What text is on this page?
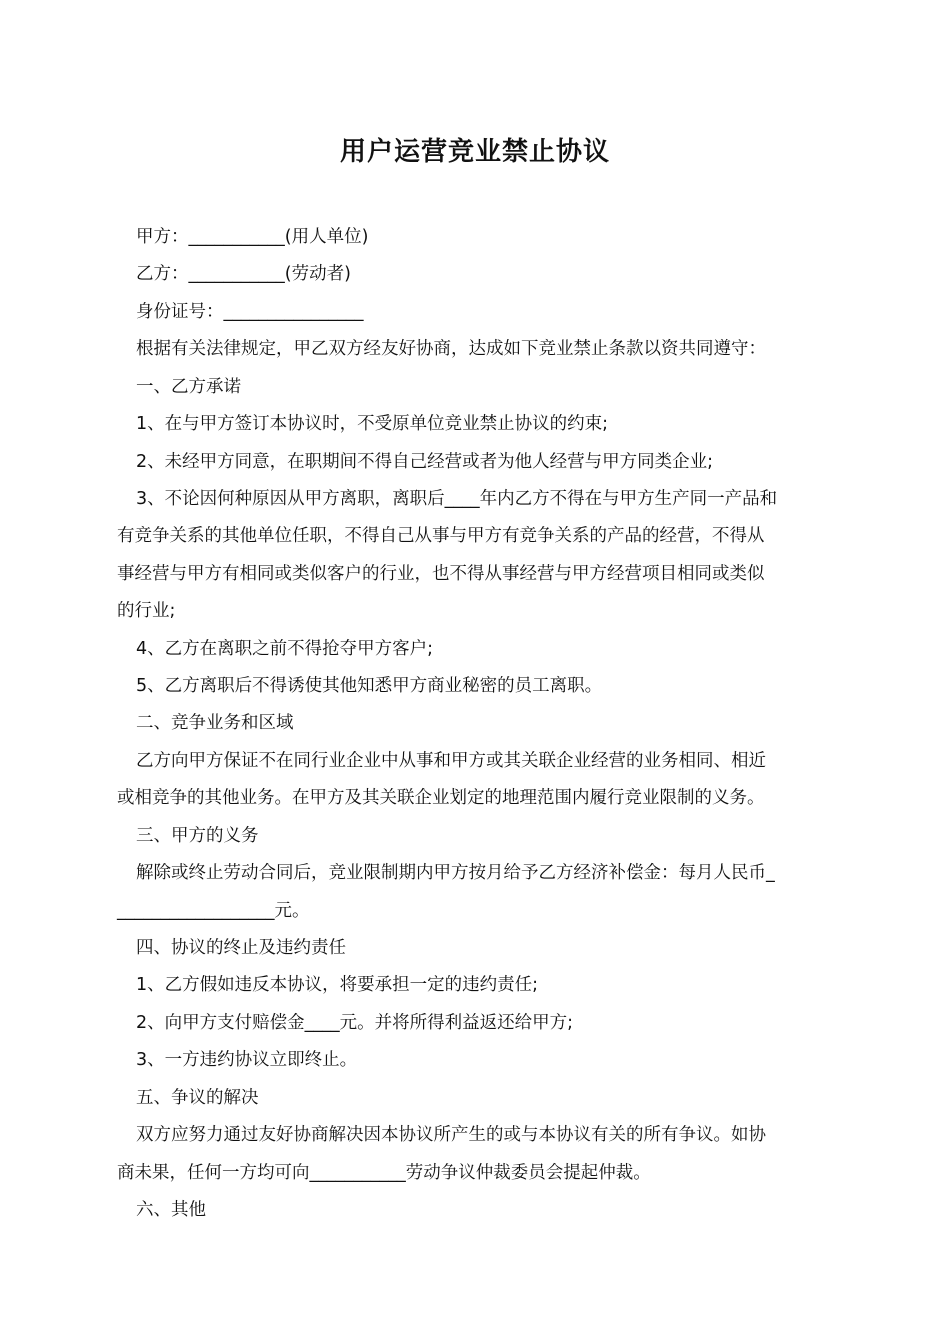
用户运营竞业禁止协议
甲方：___________(用人单位)
乙方：___________(劳动者)
身份证号：________________
根据有关法律规定，甲乙双方经友好协商，达成如下竞业禁止条款以资共同遵守：
一、乙方承诺
1、在与甲方签订本协议时，不受原单位竞业禁止协议的约束;
2、未经甲方同意，在职期间不得自己经营或者为他人经营与甲方同类企业;
3、不论因何种原因从甲方离职，离职后____年内乙方不得在与甲方生产同一产品和
有竞争关系的其他单位任职，不得自己从事与甲方有竞争关系的产品的经营，不得从
事经营与甲方有相同或类似客户的行业，也不得从事经营与甲方经营项目相同或类似
的行业;
4、乙方在离职之前不得抢夺甲方客户;
5、乙方离职后不得诱使其他知悉甲方商业秘密的员工离职。
二、竞争业务和区域
乙方向甲方保证不在同行业企业中从事和甲方或其关联企业经营的业务相同、相近
或相竞争的其他业务。在甲方及其关联企业划定的地理范围内履行竞业限制的义务。
三、甲方的义务
解除或终止劳动合同后，竞业限制期内甲方按月给予乙方经济补偿金：每月人民币_
__________________元。
四、协议的终止及违约责任
1、乙方假如违反本协议，将要承担一定的违约责任;
2、向甲方支付赔偿金____元。并将所得利益返还给甲方;
3、一方违约协议立即终止。
五、争议的解决
双方应努力通过友好协商解决因本协议所产生的或与本协议有关的所有争议。如协
商未果，任何一方均可向___________劳动争议仲裁委员会提起仲裁。
六、其他
